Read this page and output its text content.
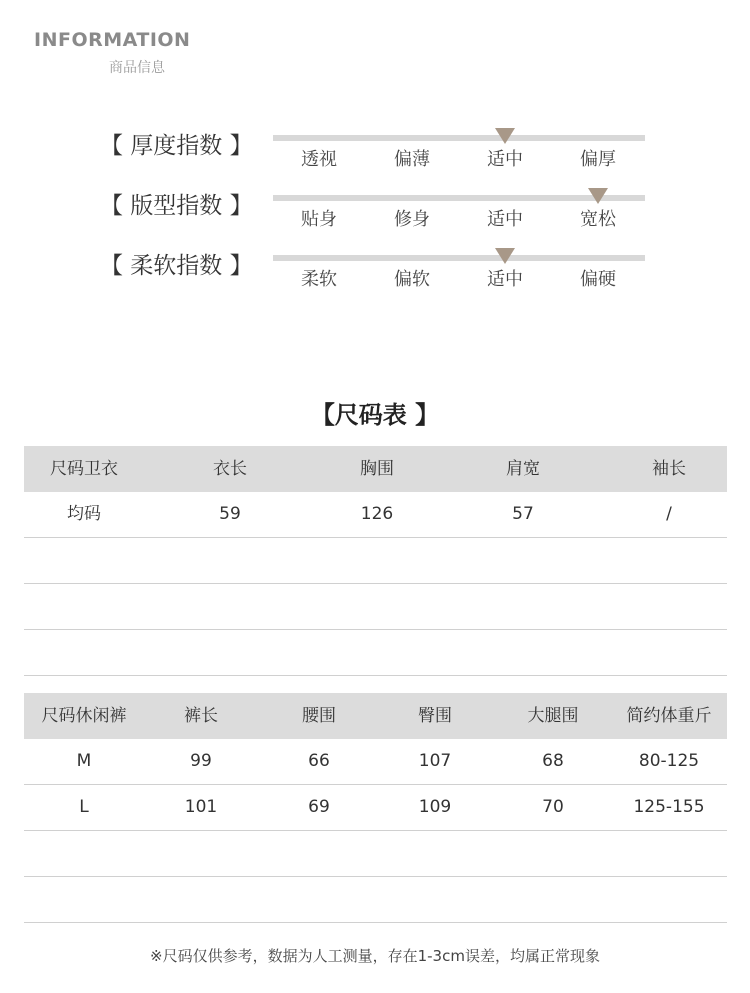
INFORMATION
商品信息
【 厚度指数 】
透视	偏薄	适中	偏厚
【 版型指数 】
贴身	修身	适中	宽松
【 柔软指数 】
柔软	偏软	适中	偏硬
【尺码表 】
尺码卫衣	衣长	胸围	肩宽	袖长
均码	59	126	57	/
尺码休闲裤	裤长	腰围	臀围	大腿围	简约体重斤
M	99	66	107	68	80-125
L	101	69	109	70	125-155
※尺码仅供参考，数据为人工测量，存在1-3cm误差，均属正常现象
